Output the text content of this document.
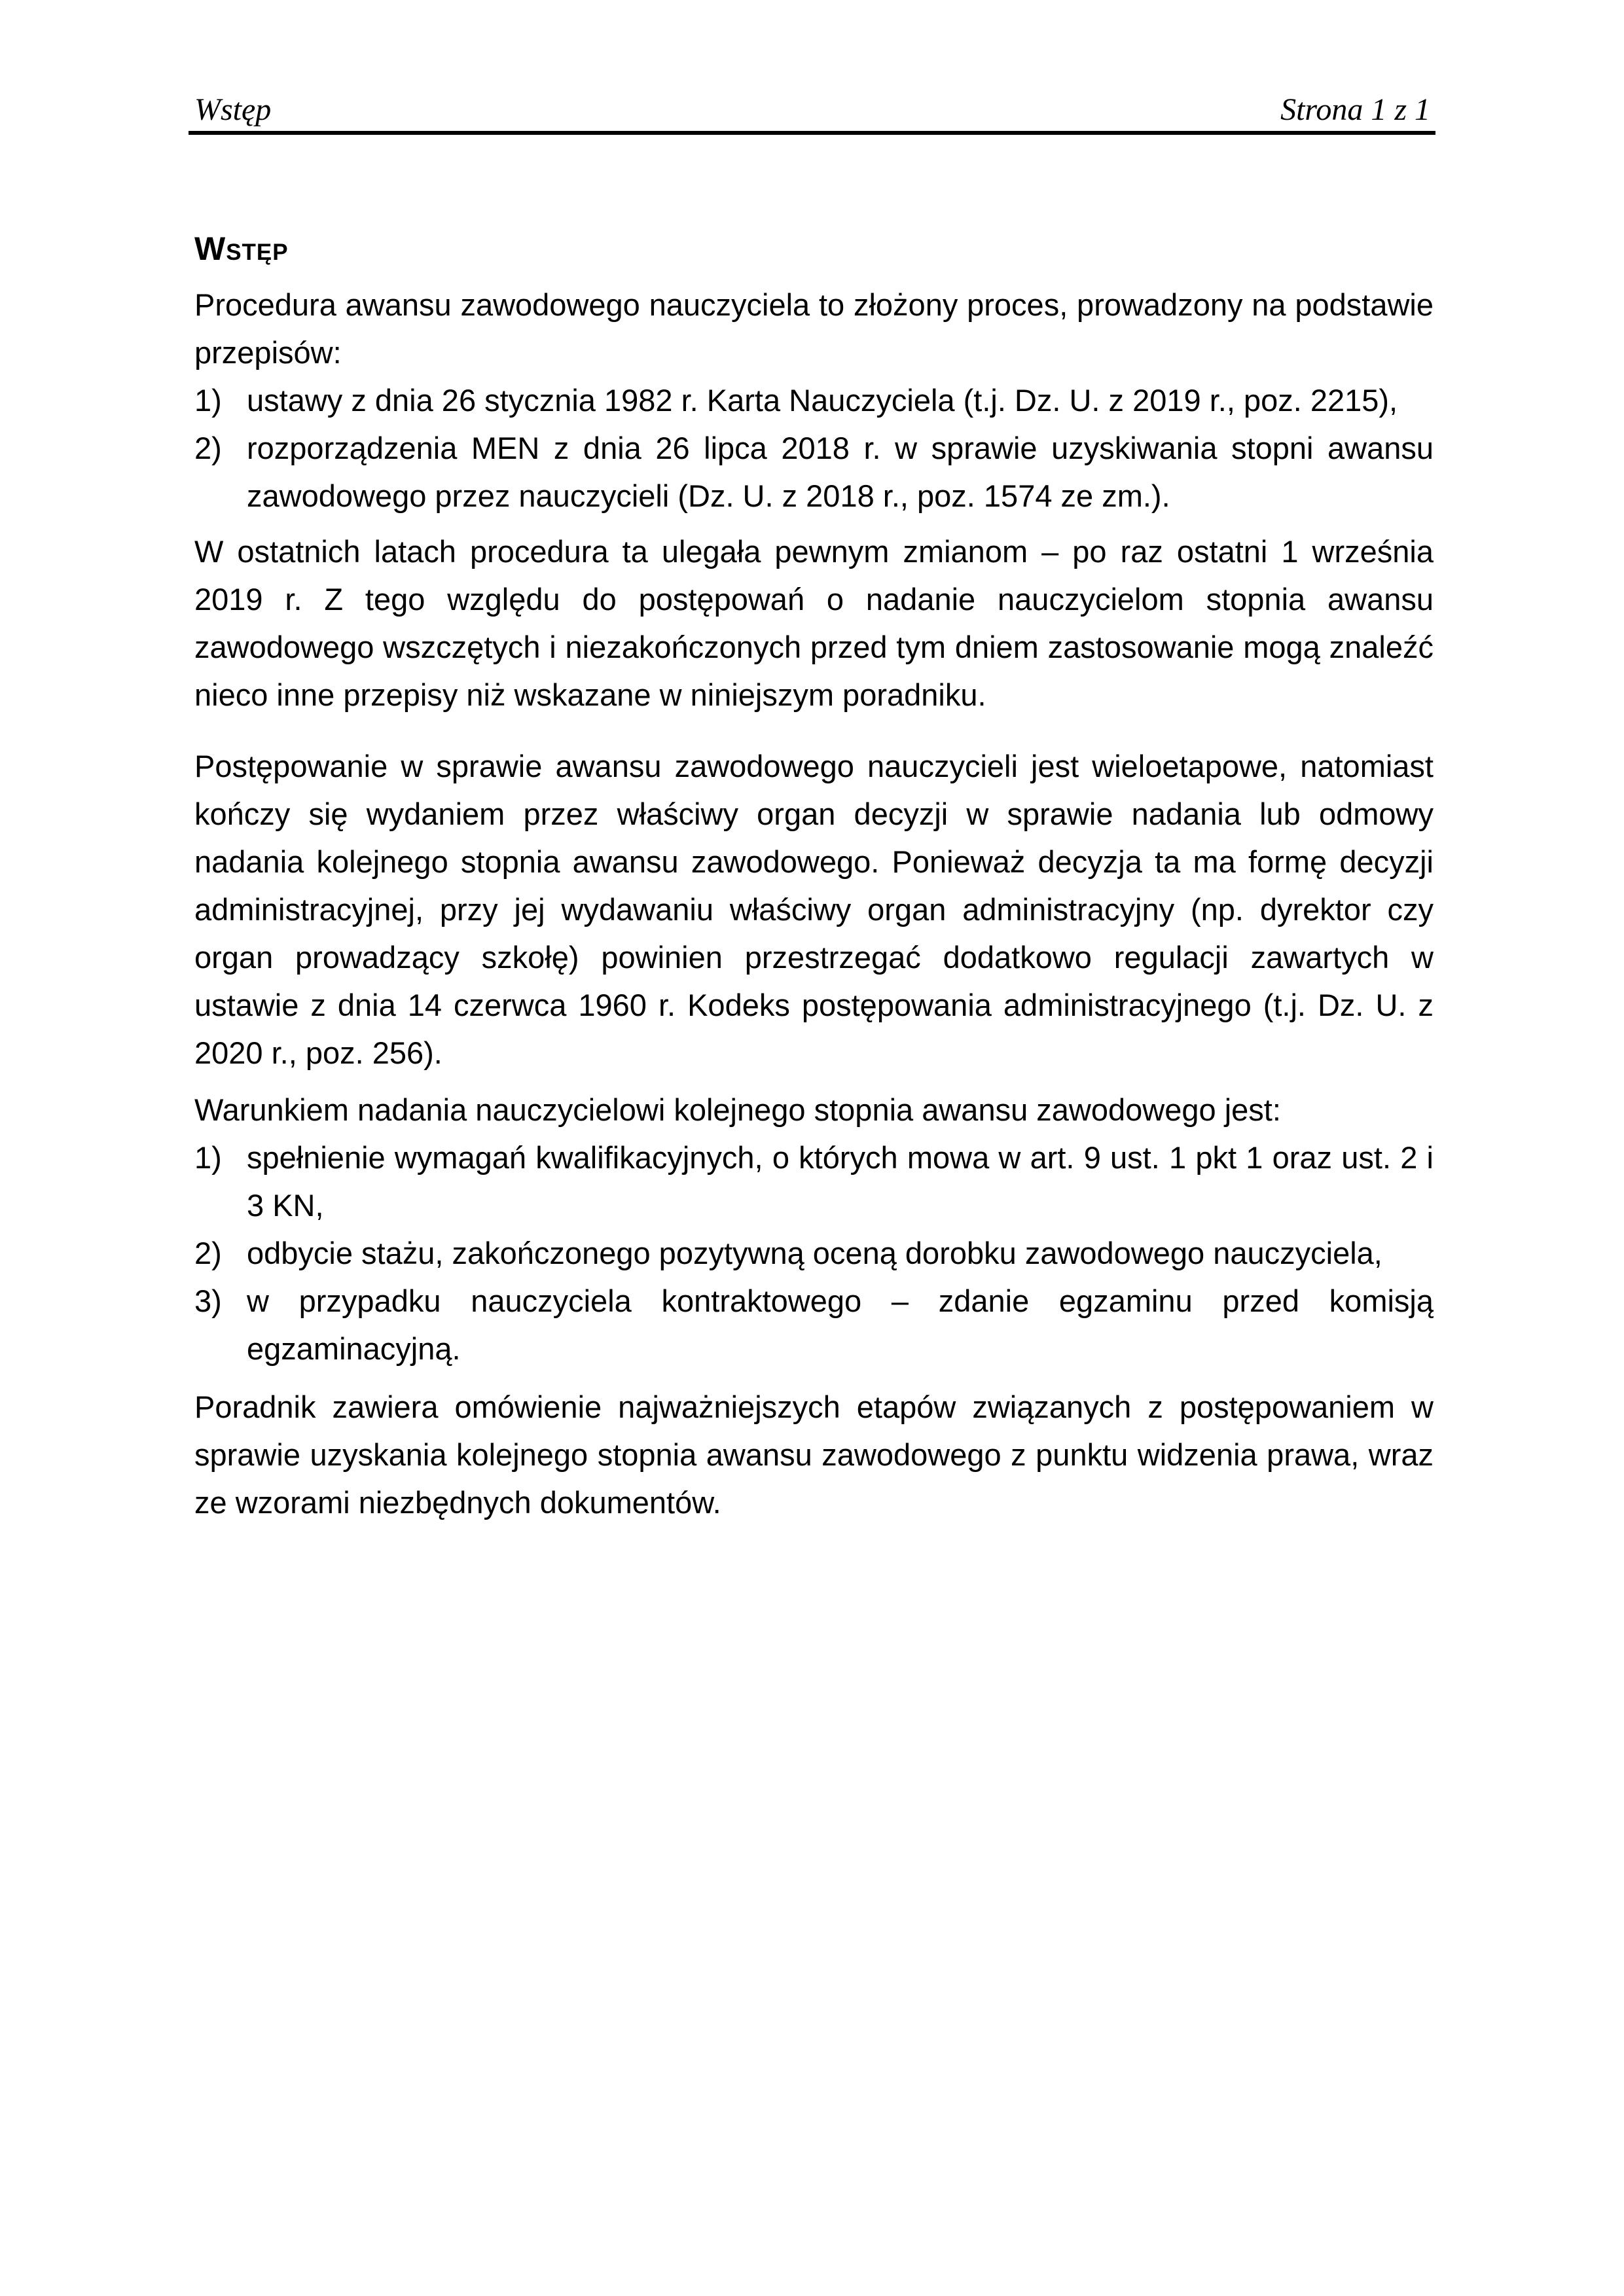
Wstęp	Strona 1 z 1
Wstęp

Procedura awansu zawodowego nauczyciela to złożony proces, prowadzony na podstawie przepisów:

ustawy z dnia 26 stycznia 1982 r. Karta Nauczyciela (t.j. Dz. U. z 2019 r., poz. 2215),
rozporządzenia MEN z dnia 26 lipca 2018 r. w sprawie uzyskiwania stopni awansu zawodowego przez nauczycieli (Dz. U. z 2018 r., poz. 1574 ze zm.).

W ostatnich latach procedura ta ulegała pewnym zmianom – po raz ostatni 1 września 2019 r. Z tego względu do postępowań o nadanie nauczycielom stopnia awansu zawodowego wszczętych i niezakończonych przed tym dniem zastosowanie mogą znaleźć nieco inne przepisy niż wskazane w niniejszym poradniku.

Postępowanie w sprawie awansu zawodowego nauczycieli jest wieloetapowe, natomiast kończy się wydaniem przez właściwy organ decyzji w sprawie nadania lub odmowy nadania kolejnego stopnia awansu zawodowego. Ponieważ decyzja ta ma formę decyzji administracyjnej, przy jej wydawaniu właściwy organ administracyjny (np. dyrektor czy organ prowadzący szkołę) powinien przestrzegać dodatkowo regulacji zawartych w ustawie z dnia 14 czerwca 1960 r. Kodeks postępowania administracyjnego (t.j. Dz. U. z 2020 r., poz. 256).

Warunkiem nadania nauczycielowi kolejnego stopnia awansu zawodowego jest:

spełnienie wymagań kwalifikacyjnych, o których mowa w art. 9 ust. 1 pkt 1 oraz ust. 2 i 3 KN,
odbycie stażu, zakończonego pozytywną oceną dorobku zawodowego nauczyciela,
w przypadku nauczyciela kontraktowego – zdanie egzaminu przed komisją egzaminacyjną.

Poradnik zawiera omówienie najważniejszych etapów związanych z postępowaniem w sprawie uzyskania kolejnego stopnia awansu zawodowego z punktu widzenia prawa, wraz ze wzorami niezbędnych dokumentów.
